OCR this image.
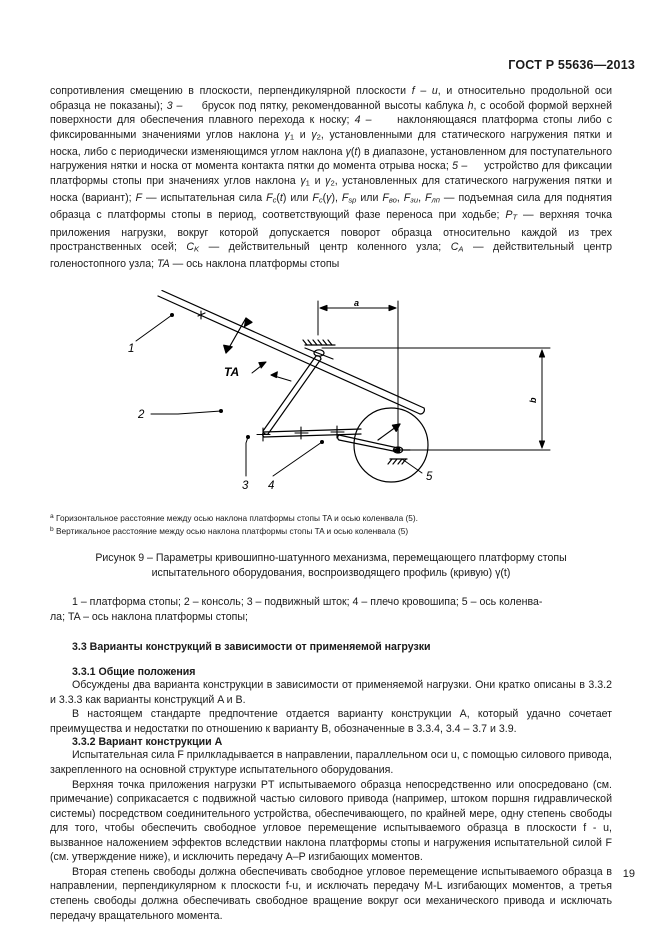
ГОСТ Р 55636—2013

сопротивления смещению в плоскости, перпендикулярной плоскости f – u, и относительно продольной оси образца не показаны); 3 –     брусок под пятку, рекомендованной высоты каблука h, с особой формой верхней поверхности для обеспечения плавного перехода к носку; 4 –     наклоняющаяся платформа стопы либо с фиксированными значениями углов наклона $\gamma_1$ и $\gamma_2$, установленными для статического нагружения пятки и носка, либо с периодически изменяющимся углом наклона γ(t) в диапазоне, установленном для поступательного нагружения нятки и носка от момента контакта пятки до момента отрыва носка; 5 –     устройство для фиксации платформы стопы при значениях углов наклона $\gamma_1$ и $\gamma_2$, установленных для статического нагружения пятки и носка (вариант); F — испытательная сила $F_c(t)$ или $F_c(\gamma)$, $F_{sp}$ или $F_{во}$, $F_{зи}$, $F_{лп}$ — подъемная сила для поднятия образца с платформы стопы в период, соответствующий фазе переноса при ходьбе; $P_T$ — верхняя точка приложения нагрузки, вокруг которой допускается поворот образца относительно каждой из трех пространственных осей; $C_K$ — действительный центр коленного узла; $C_A$ — действительный центр голеностопного узла; TA — ось наклона платформы стопы

1
2
3 4
5
TA
a
b
$^a$ Горизонтальное расстояние между осью наклона платформы стопы TA и осью коленвала (5).
$^b$ Вертикальное расстояние между осью наклона платформы стопы TA и осью коленвала (5)
Рисунок 9 – Параметры кривошипно-шатунного механизма, перемещающего платформу стопы
испытательного оборудования, воспроизводящего профиль (кривую) γ(t)
1 – платформа стопы; 2 – консоль; 3 – подвижный шток; 4 – плечо кровошипа; 5 – ось коленва-
ла; TA – ось наклона платформы стопы;
3.3 Варианты конструкций в зависимости от применяемой нагрузки
3.3.1 Общие положения

Обсуждены два варианта конструкции в зависимости от применяемой нагрузки. Они кратко описаны в 3.3.2 и 3.3.3 как варианты конструкций A и B.

В настоящем стандарте предпочтение отдается варианту конструкции A, который удачно сочетает преимущества и недостатки по отношению к варианту B, обозначенные в 3.3.4, 3.4 – 3.7 и 3.9.

3.3.2 Вариант конструкции A

Испытательная сила F прилкладывается в направлении, параллельном оси u, с помощью силового привода, закрепленного на основной структуре испытательного оборудования.

Верхняя точка приложения нагрузки PT испытываемого образца непосредственно или опосредовано (см. примечание) соприкасается с подвижной частью силового привода (например, штоком поршня гидравлической системы) посредством соединительного устройства, обеспечивающего, по крайней мере, одну степень свободы для того, чтобы обеспечить свободное угловое перемещение испытываемого образца в плоскости f - u, вызванное наложением эффектов вследствии наклона платформы стопы и нагружения испытательной силой F (см. утверждение ниже), и исключить передачу A–P изгибающих моментов.

Вторая степень свободы должна обеспечивать свободное угловое перемещение испытываемого образца в направлении, перпендикулярном к плоскости f-u, и исключать передачу M-L изгибающих моментов, а третья степень свободы должна обеспечивать свободное вращение вокруг оси механического привода и исключать передачу вращательного момента.

19
